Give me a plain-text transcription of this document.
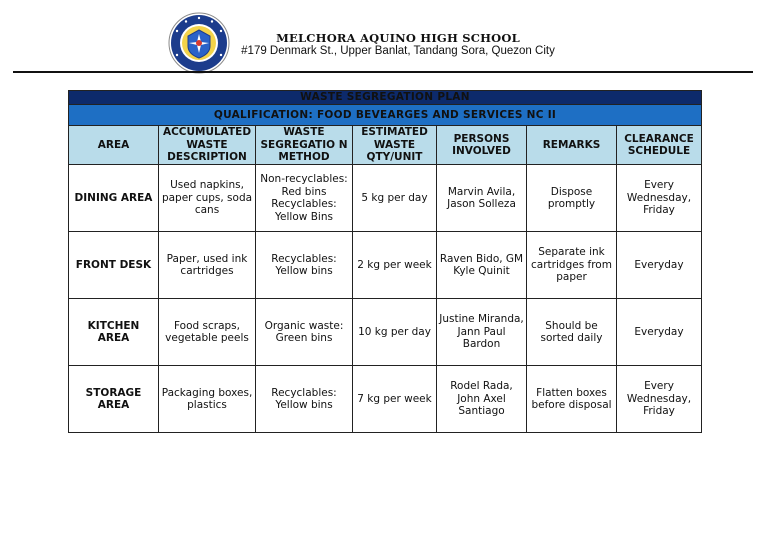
MELCHORA AQUINO HIGH SCHOOL
#179 Denmark St., Upper Banlat, Tandang Sora, Quezon City
WASTE SEGREGATION PLAN						
QUALIFICATION: FOOD BEVEARGES AND SERVICES NC II						
AREA	ACCUMULATED WASTE DESCRIPTION	WASTE SEGREGATIO N METHOD	ESTIMATED WASTE QTY/UNIT	PERSONS INVOLVED	REMARKS	CLEARANCE SCHEDULE
DINING AREA	Used napkins, paper cups, soda cans	Non-recyclables: Red bins Recyclables: Yellow Bins	5 kg per day	Marvin Avila, Jason Solleza	Dispose promptly	Every Wednesday, Friday
FRONT DESK	Paper, used ink cartridges	Recyclables: Yellow bins	2 kg per week	Raven Bido, GM Kyle Quinit	Separate ink cartridges from paper	Everyday
KITCHEN AREA	Food scraps, vegetable peels	Organic waste: Green bins	10 kg per day	Justine Miranda, Jann Paul Bardon	Should be sorted daily	Everyday
STORAGE AREA	Packaging boxes, plastics	Recyclables: Yellow bins	7 kg per week	Rodel Rada, John Axel Santiago	Flatten boxes before disposal	Every Wednesday, Friday
